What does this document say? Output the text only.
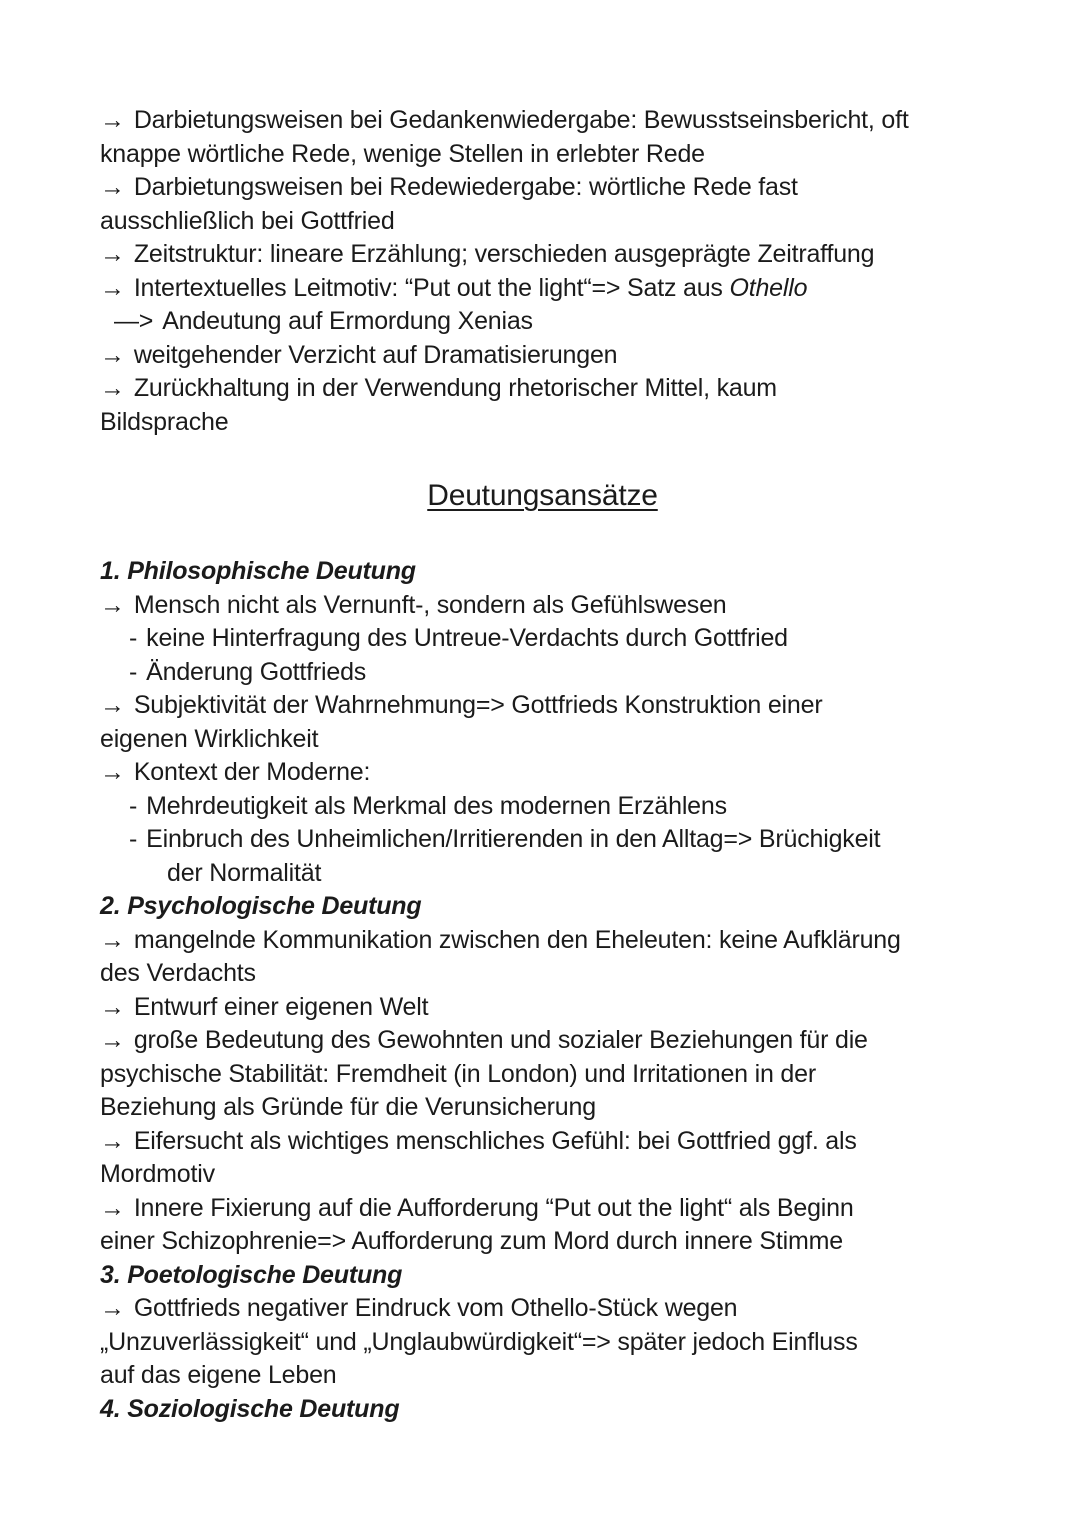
→ Darbietungsweisen bei Gedankenwiedergabe: Bewusstseinsbericht, oft
knappe wörtliche Rede, wenige Stellen in erlebter Rede
→ Darbietungsweisen bei Redewiedergabe: wörtliche Rede fast
ausschließlich bei Gottfried
→ Zeitstruktur: lineare Erzählung; verschieden ausgeprägte Zeitraffung
→ Intertextuelles Leitmotiv: “Put out the light“=> Satz aus Othello
—> Andeutung auf Ermordung Xenias
→ weitgehender Verzicht auf Dramatisierungen
→ Zurückhaltung in der Verwendung rhetorischer Mittel, kaum
Bildsprache
Deutungsansätze
1. Philosophische Deutung
→ Mensch nicht als Vernunft-, sondern als Gefühlswesen
- keine Hinterfragung des Untreue-Verdachts durch Gottfried
- Änderung Gottfrieds
→ Subjektivität der Wahrnehmung=> Gottfrieds Konstruktion einer
eigenen Wirklichkeit
→ Kontext der Moderne:
- Mehrdeutigkeit als Merkmal des modernen Erzählens
- Einbruch des Unheimlichen/Irritierenden in den Alltag=> Brüchigkeit
der Normalität
2. Psychologische Deutung
→ mangelnde Kommunikation zwischen den Eheleuten: keine Aufklärung
des Verdachts
→ Entwurf einer eigenen Welt
→ große Bedeutung des Gewohnten und sozialer Beziehungen für die
psychische Stabilität: Fremdheit (in London) und Irritationen in der
Beziehung als Gründe für die Verunsicherung
→ Eifersucht als wichtiges menschliches Gefühl: bei Gottfried ggf. als
Mordmotiv
→ Innere Fixierung auf die Aufforderung “Put out the light“ als Beginn
einer Schizophrenie=> Aufforderung zum Mord durch innere Stimme
3. Poetologische Deutung
→ Gottfrieds negativer Eindruck vom Othello-Stück wegen
„Unzuverlässigkeit“ und „Unglaubwürdigkeit“=> später jedoch Einfluss
auf das eigene Leben
4. Soziologische Deutung
